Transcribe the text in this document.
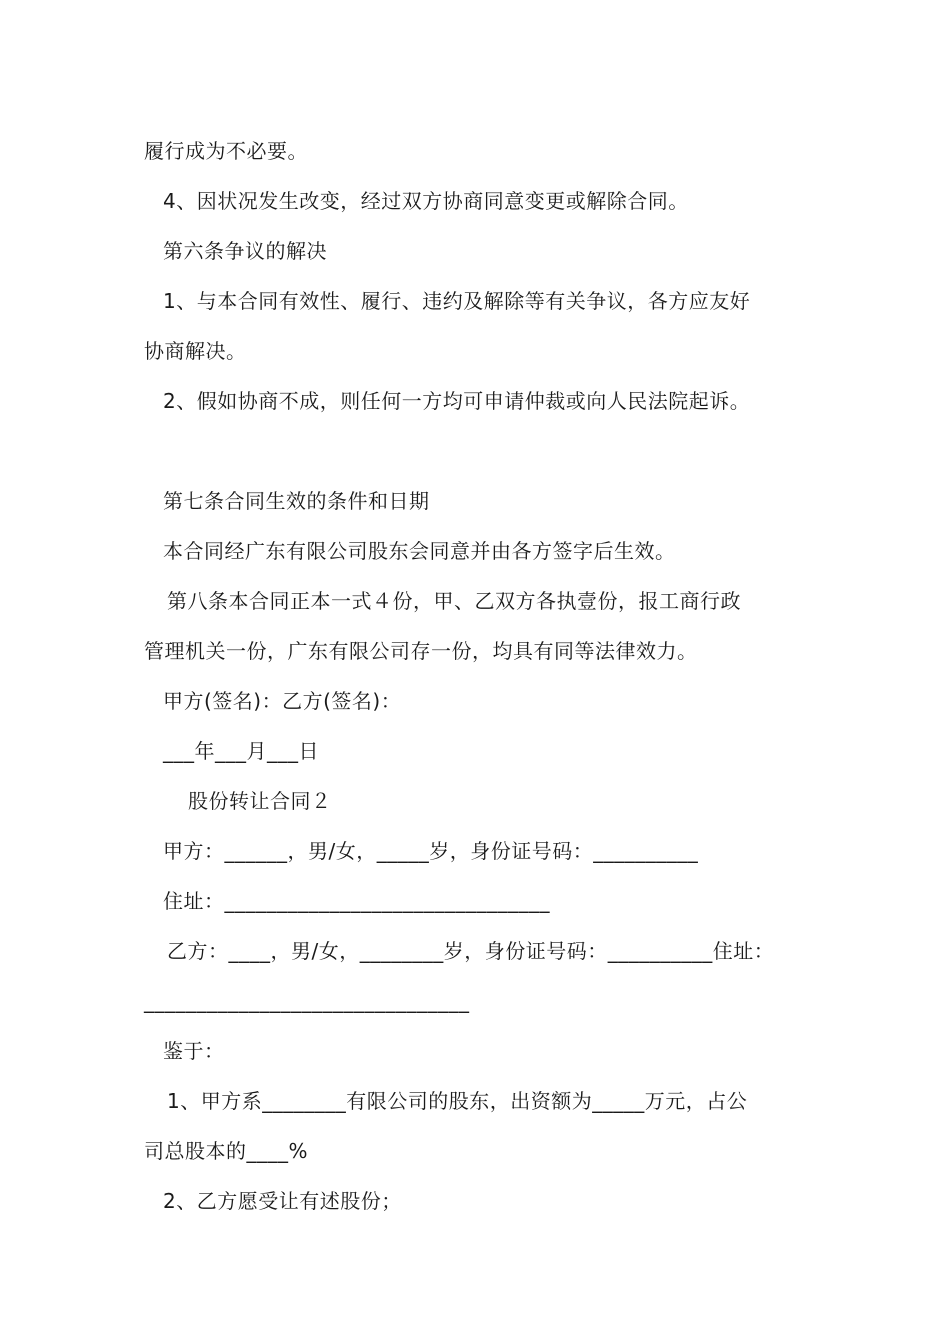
履行成为不必要。

4、因状况发生改变，经过双方协商同意变更或解除合同。

第六条争议的解决

1、与本合同有效性、履行、违约及解除等有关争议，各方应友好

协商解决。

2、假如协商不成，则任何一方均可申请仲裁或向人民法院起诉。

第七条合同生效的条件和日期

本合同经广东有限公司股东会同意并由各方签字后生效。

第八条本合同正本一式４份，甲、乙双方各执壹份，报工商行政

管理机关一份，广东有限公司存一份，均具有同等法律效力。

甲方(签名)：乙方(签名)：

___年___月___日

股份转让合同２

甲方：______，男/女，_____岁，身份证号码：__________

住址：_______________________________

乙方：____，男/女，________岁，身份证号码：__________住址：

_______________________________

鉴于：

1、甲方系________有限公司的股东，出资额为_____万元，占公

司总股本的____%

2、乙方愿受让有述股份；
